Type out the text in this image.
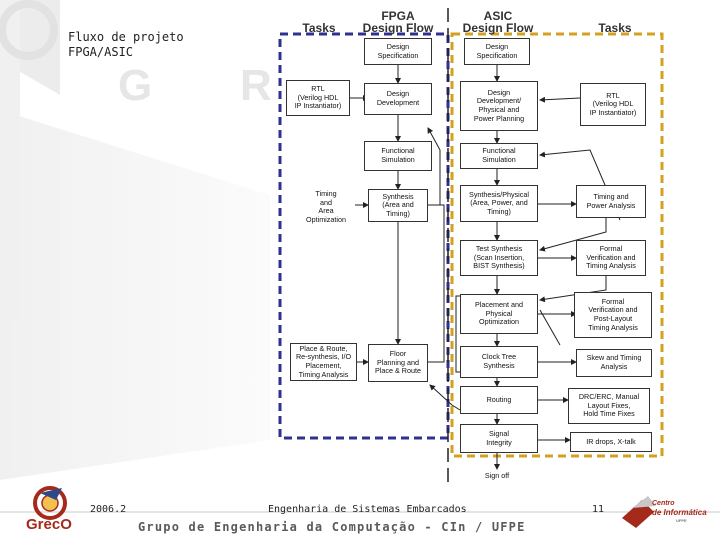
G R
Fluxo de projeto
FPGA/ASIC
Tasks
FPGA
Design Flow
ASIC
Design Flow	Tasks
Design
Specification
Design
Development
Functional
Simulation
Synthesis
(Area and
Timing)
Floor
Planning and
Place & Route
RTL
(Verilog HDL
IP Instantiator)
Timing
and
Area
Optimization
Place & Route,
Re-synthesis, I/O
Placement,
Timing Analysis
Design
Specification
Design
Development/
Physical and
Power Planning
Functional
Simulation
Synthesis/Physical
(Area, Power, and
Timing)
Test Synthesis
(Scan Insertion,
BIST Synthesis)
Placement and
Physical
Optimization
Clock Tree
Synthesis
Routing
Signal
Integrity
RTL
(Verilog HDL
IP Instantiator)
Timing and
Power Analysis
Formal
Verification and
Timing Analysis
Formal
Verification and
Post-Layout
Timing Analysis
Skew and Timing
Analysis
DRC/ERC, Manual
Layout Fixes,
Hold Time Fixes
IR drops, X-talk
Sign off
2006.2	Engenharia de Sistemas Embarcados	11
Grupo de Engenharia da Computação - CIn / UFPE
GrecO
Centro
de Informática
UFPE
